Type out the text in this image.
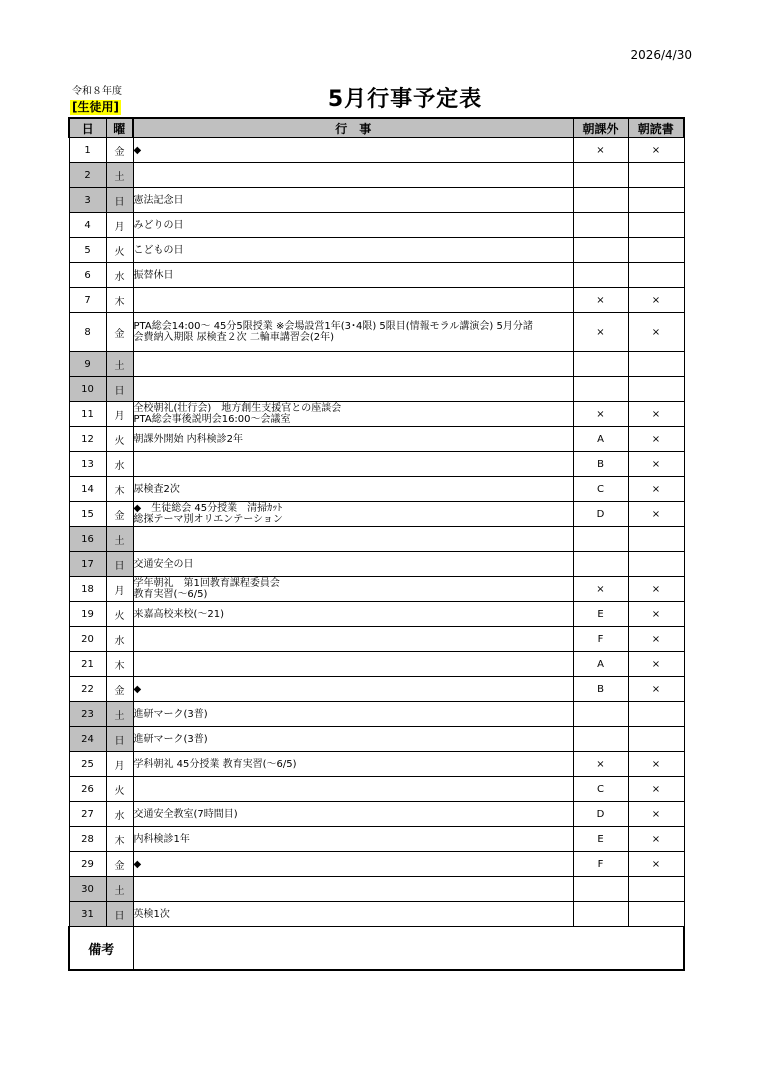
2026/4/30
令和８年度
[生徒用]	5月行事予定表
日	曜	行　事	朝課外	朝読書
1	金	◆	×	×
2	土			
3	日	憲法記念日		
4	月	みどりの日		
5	火	こどもの日		
6	水	振替休日		
7	木		×	×
8	金	PTA総会14:00～ 45分5限授業 ※会場設営1年(3･4限) 5限目(情報モラル講演会) 5月分諸
会費納入期限 尿検査２次 二輪車講習会(2年)	×	×
9	土			
10	日			
11	月	全校朝礼(壮行会)　地方創生支援官との座談会
PTA総会事後説明会16:00～会議室	×	×
12	火	朝課外開始 内科検診2年	A	×
13	水		B	×
14	木	尿検査2次	C	×
15	金	◆　生徒総会 45分授業　清掃ｶｯﾄ
総探テーマ別オリエンテーション	D	×
16	土			
17	日	交通安全の日		
18	月	学年朝礼　第1回教育課程委員会
教育実習(～6/5)	×	×
19	火	来嘉高校来校(～21)	E	×
20	水		F	×
21	木		A	×
22	金	◆	B	×
23	土	進研マーク(3普)		
24	日	進研マーク(3普)		
25	月	学科朝礼 45分授業 教育実習(～6/5)	×	×
26	火		C	×
27	水	交通安全教室(7時間目)	D	×
28	木	内科検診1年	E	×
29	金	◆	F	×
30	土			
31	日	英検1次		
備考				
